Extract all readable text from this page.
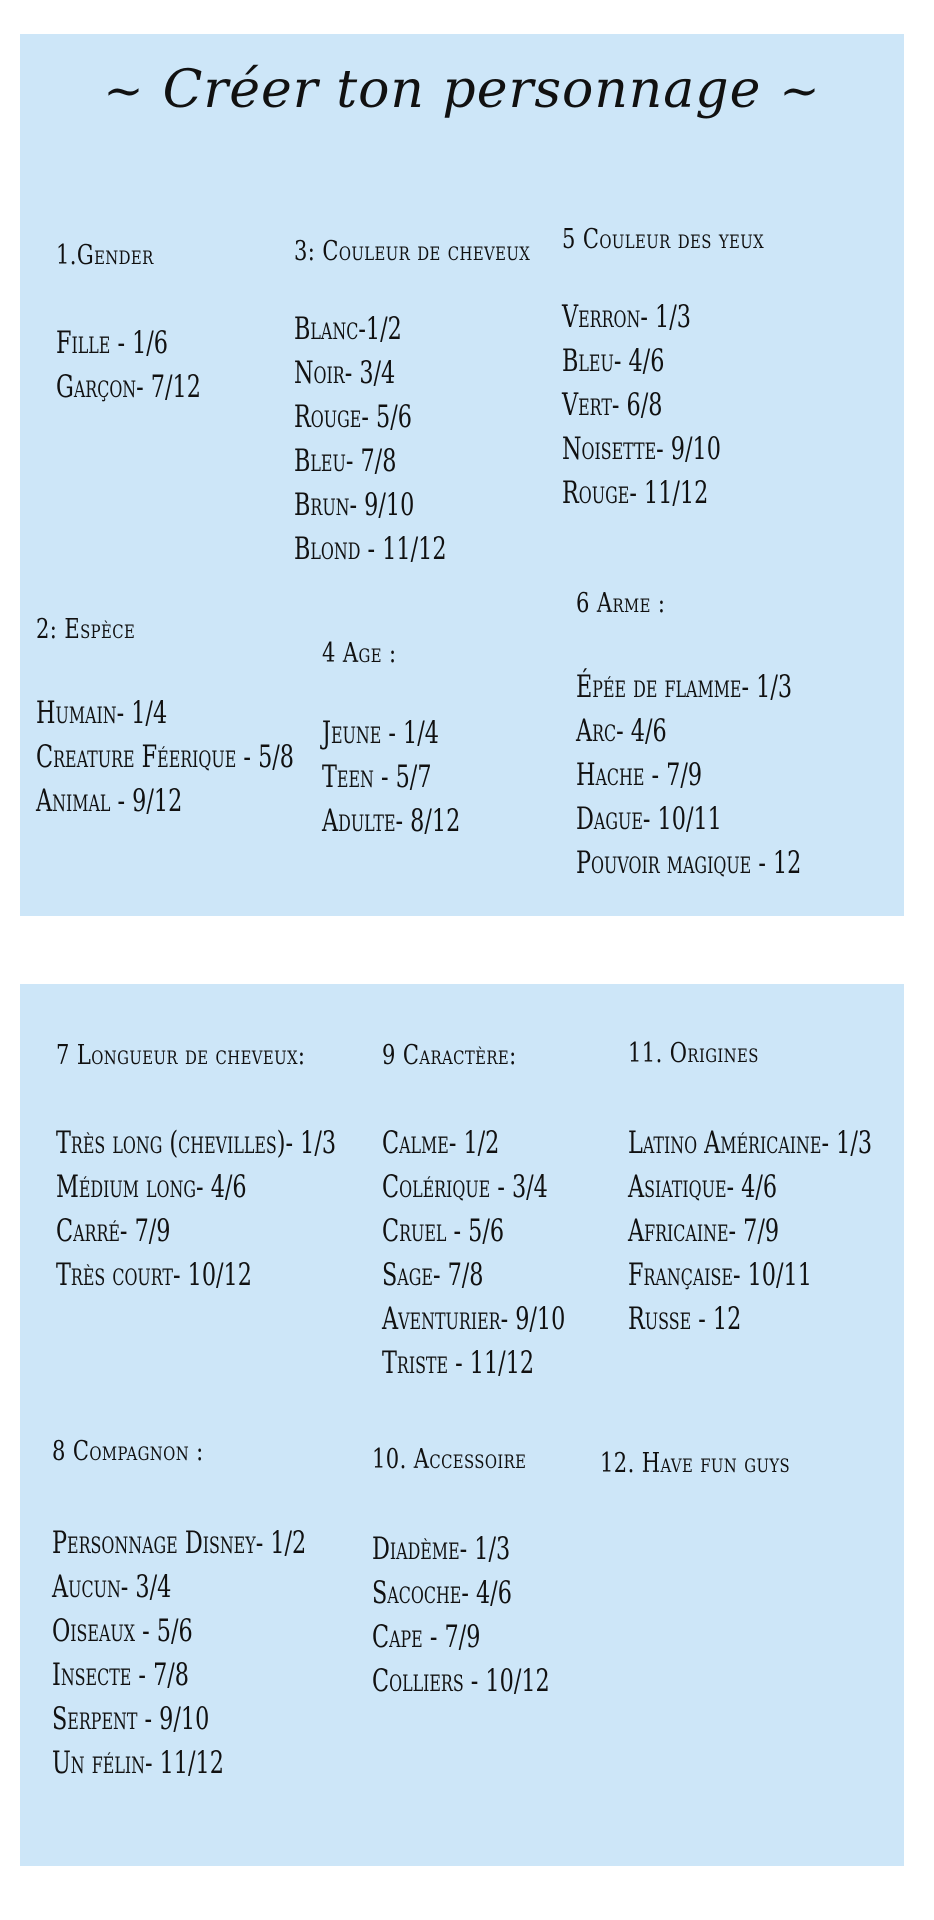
~ Créer ton personnage ~
1.Gender
Fille - 1/6
Garçon- 7/12
3: Couleur de cheveux
Blanc-1/2
Noir- 3/4
Rouge- 5/6
Bleu- 7/8
Brun- 9/10
Blond - 11/12
5 Couleur des yeux
Verron- 1/3
Bleu- 4/6
Vert- 6/8
Noisette- 9/10
Rouge- 11/12
2: Espèce
Humain- 1/4
Creature Féerique - 5/8
Animal - 9/12
4 Age :
Jeune - 1/4
Teen - 5/7
Adulte- 8/12
6 Arme :
Épée de flamme- 1/3
Arc- 4/6
Hache - 7/9
Dague- 10/11
Pouvoir magique - 12
7 Longueur de cheveux:
Très long (chevilles)- 1/3
Médium long- 4/6
Carré- 7/9
Très court- 10/12
9 Caractère:
Calme- 1/2
Colérique - 3/4
Cruel - 5/6
Sage- 7/8
Aventurier- 9/10
Triste - 11/12
11. Origines
Latino Américaine- 1/3
Asiatique- 4/6
Africaine- 7/9
Française- 10/11
Russe - 12
8 Compagnon :
Personnage Disney- 1/2
Aucun- 3/4
Oiseaux - 5/6
Insecte - 7/8
Serpent - 9/10
Un félin- 11/12
10. Accessoire
Diadème- 1/3
Sacoche- 4/6
Cape - 7/9
Colliers - 10/12
12. Have fun guys
